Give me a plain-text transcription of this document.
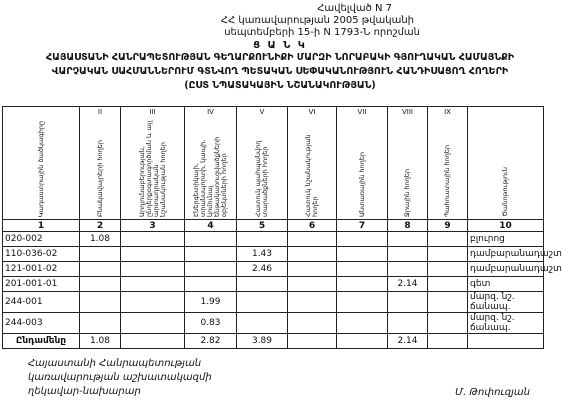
Հավելված N 7
ՀՀ կառավարության 2005 թվականի
սեպտեմբերի 15-ի N 1793-Ն որոշման
Ց Ա Ն Կ
ՀԱՅԱՍՏԱՆԻ ՀԱՆՐԱՊԵՏՈՒԹՅԱՆ ԳԵՂԱՐՔՈՒՆԻՔԻ ՄԱՐԶԻ ՆՈՐԱԲԱԿԻ ԳՅՈՒՂԱԿԱՆ ՀԱՄԱՅՆՔԻ
ՎԱՐՉԱԿԱՆ ՍԱՀՄԱՆՆԵՐՈՒՄ ԳՏՆՎՈՂ ՊԵՏԱԿԱՆ ՍԵՓԱԿԱՆՈՒԹՅՈՒՆ ՀԱՆԴԻՍԱՑՈՂ ՀՈՂԵՐԻ
(ԸՍՏ ՆՊԱՏԱԿԱՅԻՆ ՆՇԱՆԱԿՈՒԹՅԱՆ)
	II	III	IV	V	VI	VII	VIII	IX	

Կադաստրային ծածկագիրը	Բնակավայրերի հողեր	Արդյունաբերության, ընդերքօգտագործման և այլ արտադրական նշանակության հողեր	Էներգետիկայի, տրանսպորտի, կապի, կոմունալ ենթակառուցվածքների օբյեկտների հողեր	Հատուկ պահպանվող տարածքների հողեր	Հատուկ նշանակության հողեր	Անտառային հողեր	Ջրային հողեր	Պահուստային հողեր	Ծանոթություն

1	2	3	4	5	6	7	8	9	10
020-002	1.08								բլուրոց
110-036-02				1.43					դամբարանադաշտ
121-001-02				2.46					դամբարանադաշտ
201-001-01							2.14		գետ
244-001			1.99						մարզ. նշ. ճանապ.
244-003			0.83						մարզ. նշ. ճանապ.
Ընդամենը	1.08		2.82	3.89			2.14		
Հայաստանի Հանրապետության
կառավարության աշխատակազմի
ղեկավար-նախարար	Մ. Թոփուզյան
